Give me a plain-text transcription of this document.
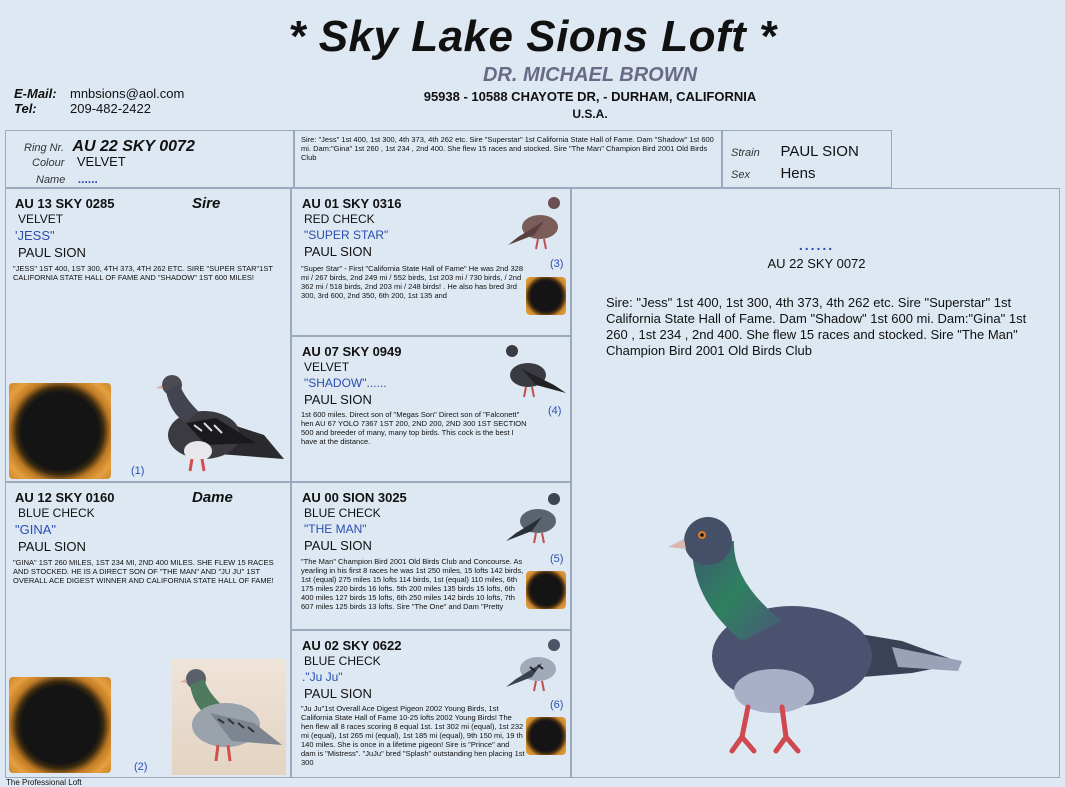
* Sky Lake Sions Loft *
DR. MICHAEL BROWN
95938 - 10588 CHAYOTE DR, - DURHAM, CALIFORNIA
U.S.A.
E-Mail: mnbsions@aol.com
Tel:	209-482-2422
Ring Nr. AU 22 SKY 0072
Colour VELVET
Name ......
Sire: "Jess" 1st 400, 1st 300, 4th 373, 4th 262 etc. Sire "Superstar" 1st California State Hall of Fame. Dam "Shadow" 1st 600 mi. Dam:"Gina" 1st 260 , 1st 234 , 2nd 400. She flew 15 races and stocked. Sire "The Man" Champion Bird 2001 Old Birds Club	Strain PAUL SION
Sex Hens
AU 13 SKY 0285	Sire
VELVET
'JESS"
PAUL SION
"JESS" 1ST 400, 1ST 300, 4TH 373, 4TH 262 ETC. SIRE "SUPER STAR"1ST CALIFORNIA STATE HALL OF FAME AND "SHADOW" 1ST 600 MILES!
(1)
AU 12 SKY 0160	Dame
BLUE CHECK
"GINA"
PAUL SION
"GINA" 1ST 260 MILES, 1ST 234 MI, 2ND 400 MILES. SHE FLEW 15 RACES AND STOCKED. HE IS A DIRECT SON OF "THE MAN" AND "JU JU" 1ST OVERALL ACE DIGEST WINNER AND CALIFORNIA STATE HALL OF FAME!
(2)
AU 01 SKY 0316
RED CHECK
"SUPER STAR"
PAUL SION
"Super Star" - First "California State Hall of Fame" He was 2nd 328 mi / 267 birds, 2nd 249 mi / 552 birds, 1st 203 mi / 730 birds, / 2nd 362 mi / 518 birds, 2nd 203 mi / 248 birds! . He also has bred 3rd 300, 3rd 600, 2nd 350, 6th 200, 1st 135 and
(3)
AU 07 SKY 0949
VELVET
"SHADOW"......
PAUL SION
1st 600 miles. Direct son of "Megas Son" Direct son of "Falconett" hen AU 67 YOLO 7367 1ST 200, 2ND 200, 2ND 300 1ST SECTION 500 and breeder of many, many top birds. This cock is the best I have at the distance.
(4)
AU 00 SION 3025
BLUE CHECK
"THE MAN"
PAUL SION
"The Man" Champion Bird 2001 Old Birds Club and Concourse. As yearling in his first 8 races he was 1st 250 miles, 15 lofts 142 birds, 1st (equal) 275 miles 15 lofts 114 birds, 1st (equal) 110 miles, 6th 175 miles 220 birds 16 lofts. 5th 200 miles 135 birds 15 lofts, 6th 400 miles 127 birds 15 lofts, 6th 250 miles 142 birds 10 lofts, 7th 607 miles 125 birds 13 lofts. Sire "The One" and Dam "Pretty
(5)
AU 02 SKY 0622
BLUE CHECK
."Ju Ju"
PAUL SION
"Ju Ju"1st Overall Ace Digest Pigeon 2002 Young Birds, 1st California State Hall of Fame 10-25 lofts 2002 Young Birds! The hen flew all 8 races scoring 8 equal 1st. 1st 302 mi (equal), 1st 232 mi (equal), 1st 265 mi (equal), 1st 185 mi (equal), 9th 150 mi, 19 th 140 miles. She is once in a lifetime pigeon! Sire is "Prince" and dam is "Mistress". "JuJu" bred "Splash" outstanding hen placing 1st 300
(6)
......
AU 22 SKY 0072
Sire: "Jess" 1st 400, 1st 300, 4th 373, 4th 262 etc. Sire "Superstar" 1st California State Hall of Fame. Dam "Shadow" 1st 600 mi. Dam:"Gina" 1st 260 , 1st 234 , 2nd 400. She flew 15 races and stocked. Sire "The Man" Champion Bird 2001 Old Birds Club
The Professional Loft
